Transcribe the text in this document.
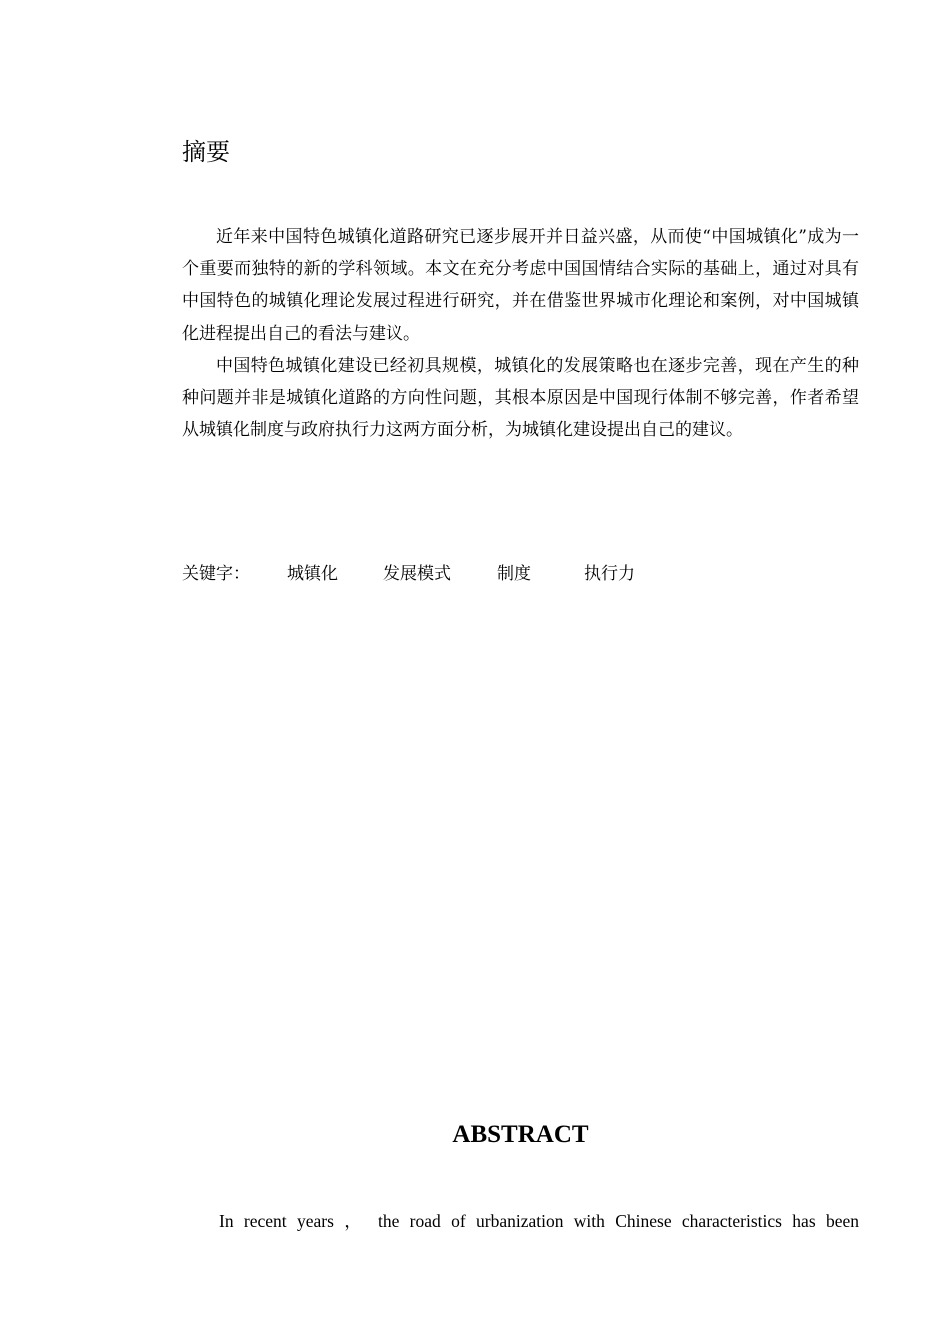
摘要

近年来中国特色城镇化道路研究已逐步展开并日益兴盛，从而使“中国城镇化”成为一个重要而独特的新的学科领域。本文在充分考虑中国国情结合实际的基础上，通过对具有中国特色的城镇化理论发展过程进行研究，并在借鉴世界城市化理论和案例，对中国城镇化进程提出自己的看法与建议。

中国特色城镇化建设已经初具规模，城镇化的发展策略也在逐步完善，现在产生的种种问题并非是城镇化道路的方向性问题，其根本原因是中国现行体制不够完善，作者希望从城镇化制度与政府执行力这两方面分析，为城镇化建设提出自己的建议。

关键字： 城镇化	发展模式	制度	执行力
ABSTRACT

In recent years ， the road of urbanization with Chinese characteristics has been
